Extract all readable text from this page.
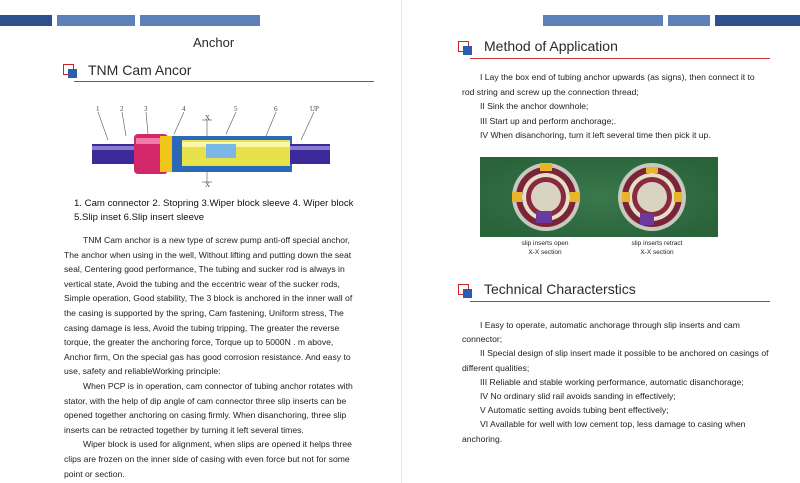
Anchor
TNM Cam Ancor
1	2	3	4	5	6	UP
X
X
1. Cam connector 2. Stopring 3.Wiper block sleeve 4. Wiper block
5.Slip inset 6.Slip insert sleeve
TNM Cam anchor is a new type of screw pump anti-off special anchor,
The anchor when using in the well, Without lifting and putting down the seat
seal, Centering good performance, The tubing and sucker rod is always in
vertical state, Avoid the tubing and the eccentric wear of the sucker rods,
Simple operation, Good stability, The 3 block is anchored in the inner wall of
the casing is supported by the spring, Cam fastening, Uniform stress, The
casing damage is less, Avoid the tubing tripping, The greater the reverse
torque, the greater the anchoring force, Torque up to 5000N . m above,
Anchor firm, On the special gas has good corrosion resistance. And easy to
use, safety and reliableWorking principle:
When PCP is in operation, cam connector of tubing anchor rotates with
stator, with the help of dip angle of cam connector three slip inserts can be
opened together anchoring on casing firmly. When disanchoring, three slip
inserts can be retracted together by turning it left several times.
Wiper block is used for alignment, when slips are opened it helps three
clips are frozen on the inner side of casing with even force but not for some
point or section.
Method of Application
I Lay the box end of tubing anchor upwards (as signs), then connect it to
rod string and screw up the connection thread;
II Sink the anchor downhole;
III Start up and perform anchorage;.
IV When disanchoring, turn it left several time then pick it up.
slip inserts open
X-X section
slip inserts retract
X-X section
Technical Characterstics
I Easy to operate, automatic anchorage through slip inserts and cam
connector;
II Special design of slip insert made it possible to be anchored on casings of
different qualities;
III Reliable and stable working performance, automatic disanchorage;
IV No ordinary slid rail avoids sanding in effectively;
V Automatic setting avoids tubing bent effectively;
VI Available for well with low cement top, less damage to casing when
anchoring.
